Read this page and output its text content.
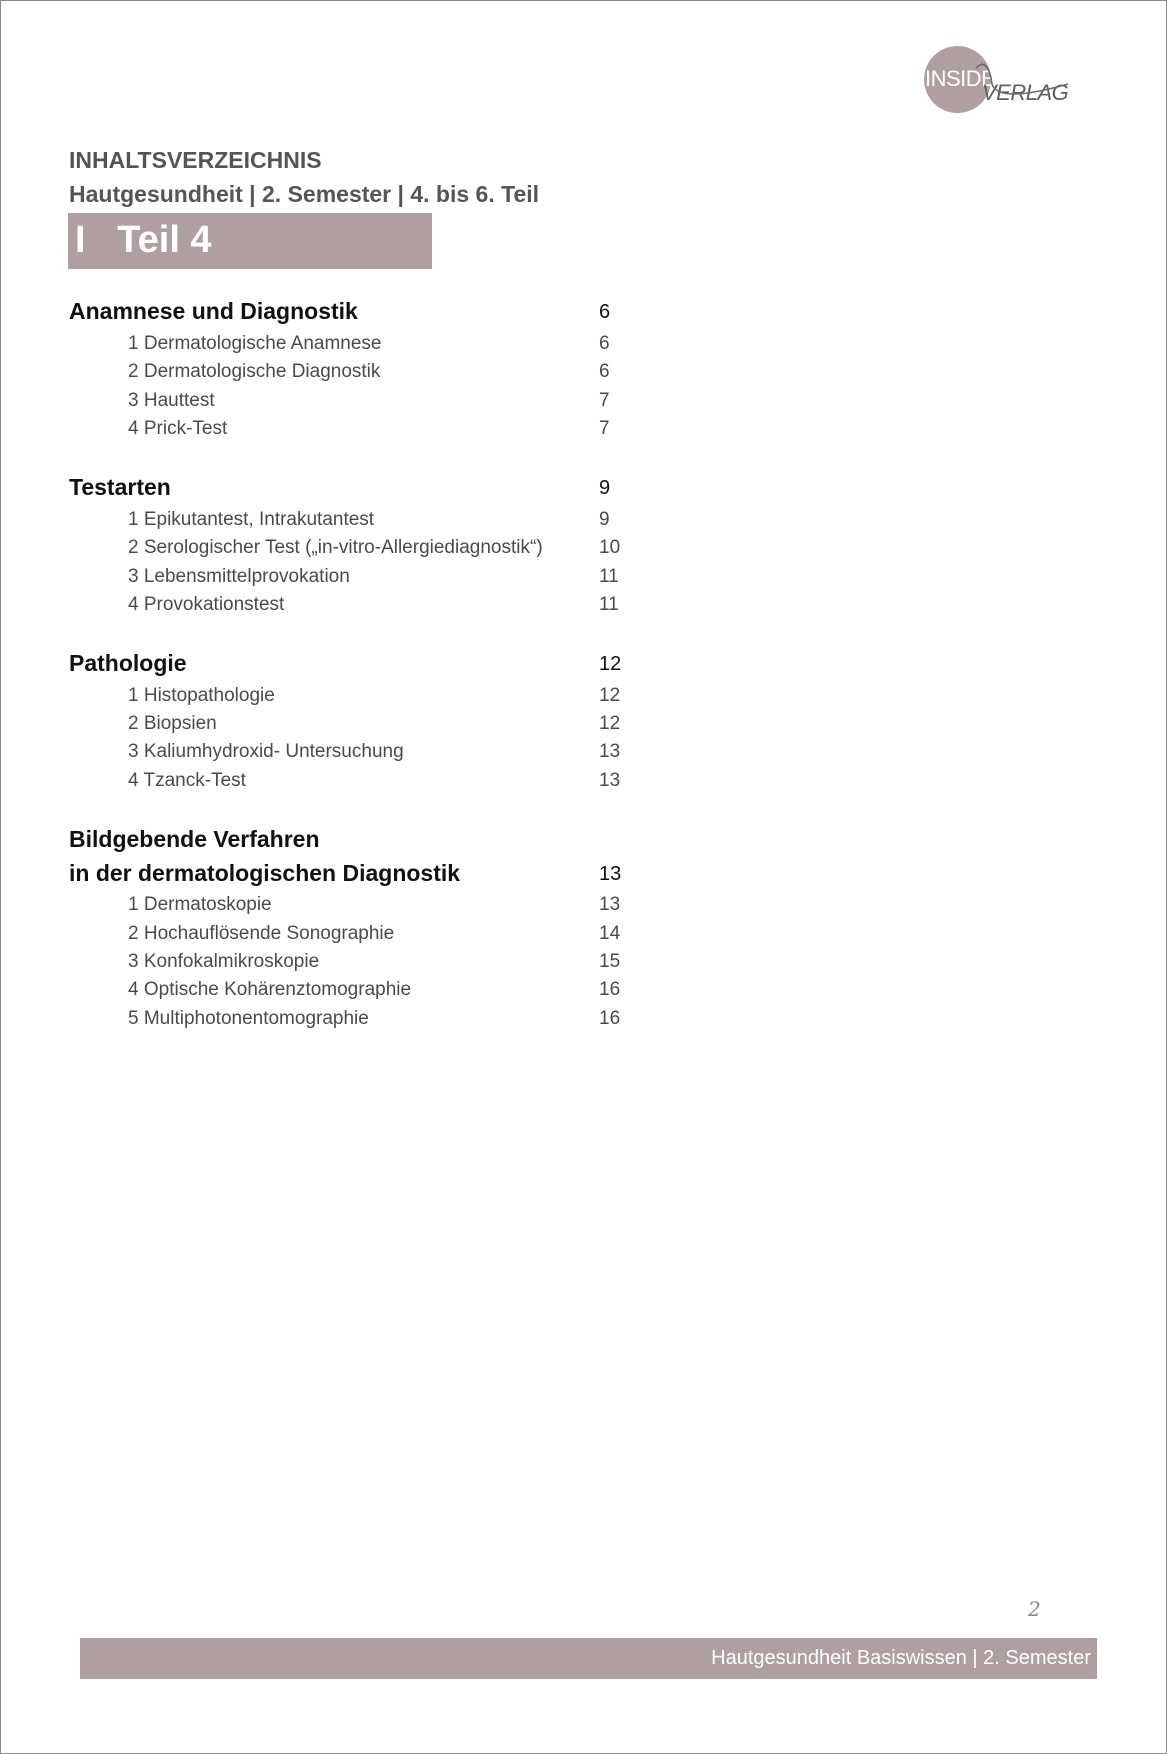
INSIDE
VERLAG
INHALTSVERZEICHNIS
Hautgesundheit | 2. Semester | 4. bis 6. Teil
I   Teil 4
Anamnese und Diagnostik	6
1 Dermatologische Anamnese	6
2 Dermatologische Diagnostik	6
3 Hauttest	7
4 Prick-Test	7
Testarten	9
1 Epikutantest, Intrakutantest	9
2 Serologischer Test („in-vitro-Allergiediagnostik“)	10
3 Lebensmittelprovokation	11
4 Provokationstest	11
Pathologie	12
1 Histopathologie	12
2 Biopsien	12
3 Kaliumhydroxid- Untersuchung	13
4 Tzanck-Test	13
Bildgebende Verfahren
in der dermatologischen Diagnostik	13
1 Dermatoskopie	13
2 Hochauflösende Sonographie	14
3 Konfokalmikroskopie	15
4 Optische Kohärenztomographie	16
5 Multiphotonentomographie	16
2
Hautgesundheit Basiswissen | 2. Semester
